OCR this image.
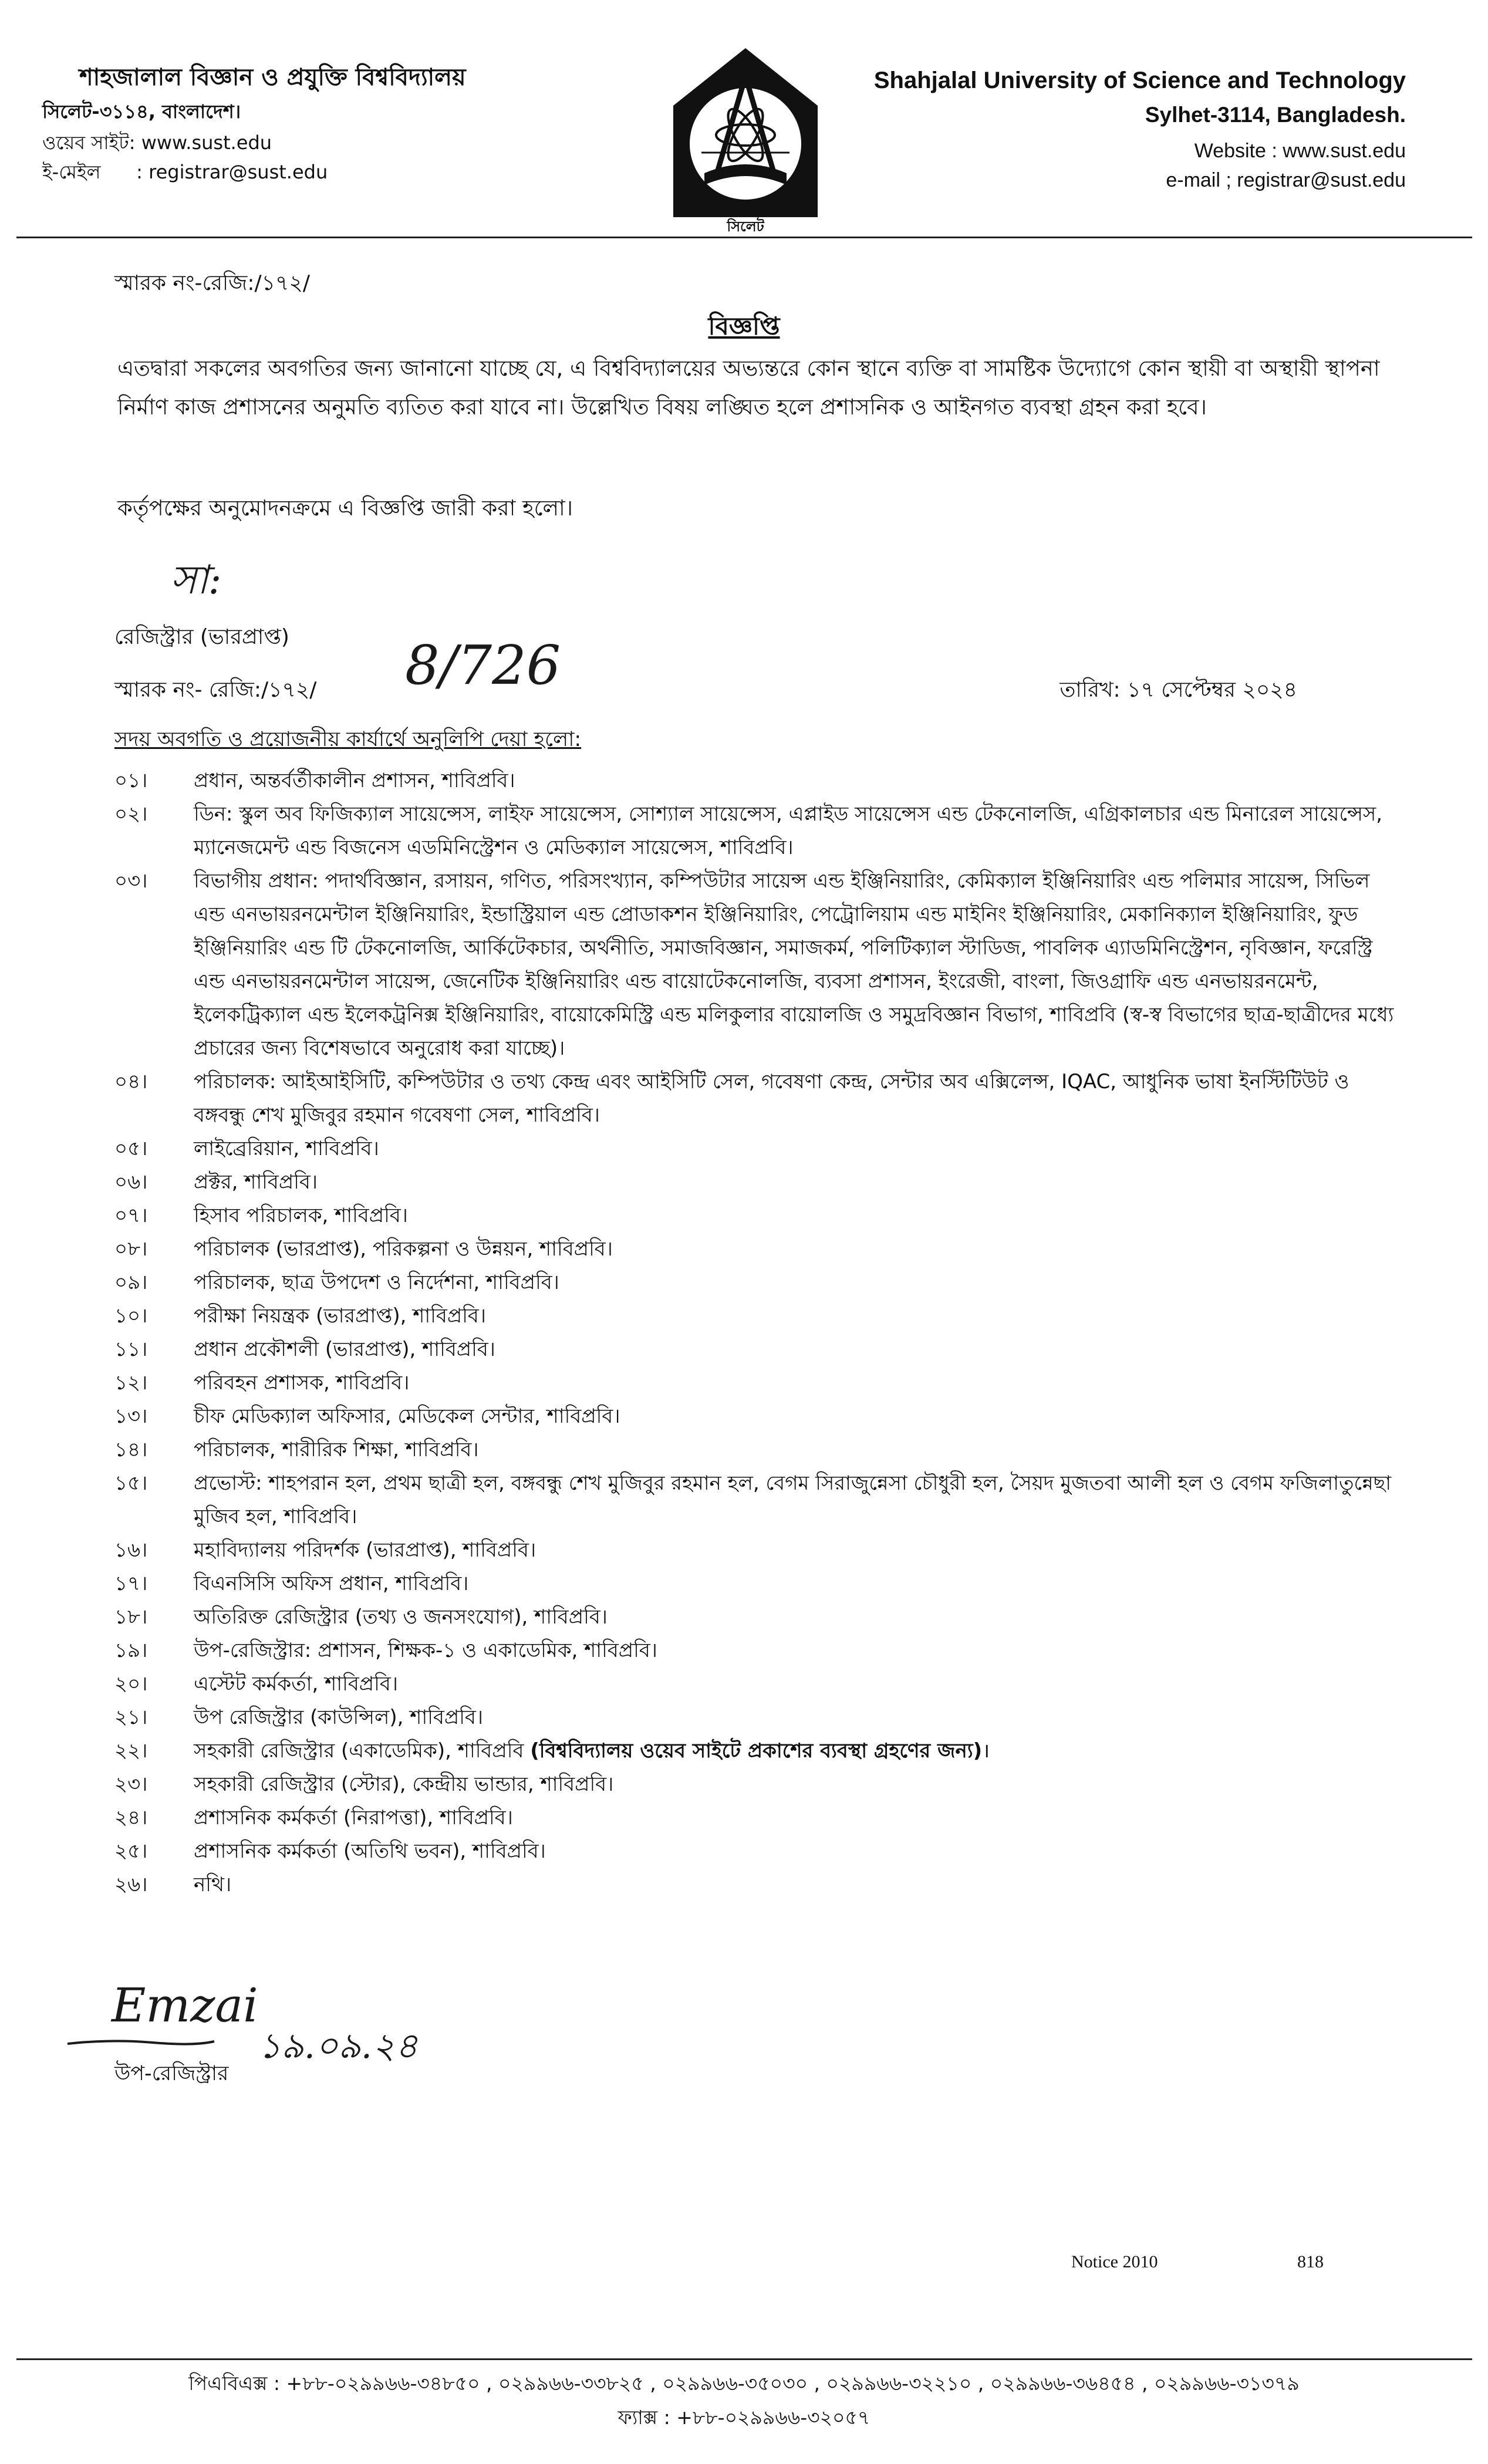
শাহজালাল বিজ্ঞান ও প্রযুক্তি বিশ্ববিদ্যালয়
সিলেট-৩১১৪, বাংলাদেশ।
ওয়েব সাইট: www.sust.edu
ই-মেইল : registrar@sust.edu
সিলেট
Shahjalal University of Science and Technology
Sylhet-3114, Bangladesh.
Website : www.sust.edu
e-mail ; registrar@sust.edu
স্মারক নং-রেজি:/১৭২/
বিজ্ঞপ্তি
এতদ্বারা সকলের অবগতির জন্য জানানো যাচ্ছে যে, এ বিশ্ববিদ্যালয়ের অভ্যন্তরে কোন স্থানে ব্যক্তি বা সামষ্টিক উদ্যোগে কোন স্থায়ী বা অস্থায়ী স্থাপনা নির্মাণ কাজ প্রশাসনের অনুমতি ব্যতিত করা যাবে না। উল্লেখিত বিষয় লঙ্ঘিত হলে প্রশাসনিক ও আইনগত ব্যবস্থা গ্রহন করা হবে।
কর্তৃপক্ষের অনুমোদনক্রমে এ বিজ্ঞপ্তি জারী করা হলো।
সা:
রেজিস্ট্রার (ভারপ্রাপ্ত)
স্মারক নং- রেজি:/১৭২/ 8/726	তারিখ: ১৭ সেপ্টেম্বর ২০২৪
সদয় অবগতি ও প্রয়োজনীয় কার্যার্থে অনুলিপি দেয়া হলো:
০১।	প্রধান, অন্তর্বর্তীকালীন প্রশাসন, শাবিপ্রবি।
০২।	ডিন: স্কুল অব ফিজিক্যাল সায়েন্সেস, লাইফ সায়েন্সেস, সোশ্যাল সায়েন্সেস, এপ্লাইড সায়েন্সেস এন্ড টেকনোলজি, এগ্রিকালচার এন্ড মিনারেল সায়েন্সেস, ম্যানেজমেন্ট এন্ড বিজনেস এডমিনিস্ট্রেশন ও মেডিক্যাল সায়েন্সেস, শাবিপ্রবি।
০৩।	বিভাগীয় প্রধান: পদার্থবিজ্ঞান, রসায়ন, গণিত, পরিসংখ্যান, কম্পিউটার সায়েন্স এন্ড ইঞ্জিনিয়ারিং, কেমিক্যাল ইঞ্জিনিয়ারিং এন্ড পলিমার সায়েন্স, সিভিল এন্ড এনভায়রনমেন্টাল ইঞ্জিনিয়ারিং, ইন্ডাস্ট্রিয়াল এন্ড প্রোডাকশন ইঞ্জিনিয়ারিং, পেট্রোলিয়াম এন্ড মাইনিং ইঞ্জিনিয়ারিং, মেকানিক্যাল ইঞ্জিনিয়ারিং, ফুড ইঞ্জিনিয়ারিং এন্ড টি টেকনোলজি, আর্কিটেকচার, অর্থনীতি, সমাজবিজ্ঞান, সমাজকর্ম, পলিটিক্যাল স্টাডিজ, পাবলিক এ্যাডমিনিস্ট্রেশন, নৃবিজ্ঞান, ফরেস্ট্রি এন্ড এনভায়রনমেন্টাল সায়েন্স, জেনেটিক ইঞ্জিনিয়ারিং এন্ড বায়োটেকনোলজি, ব্যবসা প্রশাসন, ইংরেজী, বাংলা, জিওগ্রাফি এন্ড এনভায়রনমেন্ট, ইলেকট্রিক্যাল এন্ড ইলেকট্রনিক্স ইঞ্জিনিয়ারিং, বায়োকেমিস্ট্রি এন্ড মলিকুলার বায়োলজি ও সমুদ্রবিজ্ঞান বিভাগ, শাবিপ্রবি (স্ব-স্ব বিভাগের ছাত্র-ছাত্রীদের মধ্যে প্রচারের জন্য বিশেষভাবে অনুরোধ করা যাচ্ছে)।
০৪।	পরিচালক: আইআইসিটি, কম্পিউটার ও তথ্য কেন্দ্র এবং আইসিটি সেল, গবেষণা কেন্দ্র, সেন্টার অব এক্সিলেন্স, IQAC, আধুনিক ভাষা ইনস্টিটিউট ও বঙ্গবন্ধু শেখ মুজিবুর রহমান গবেষণা সেল, শাবিপ্রবি।
০৫।	লাইব্রেরিয়ান, শাবিপ্রবি।
০৬।	প্রক্টর, শাবিপ্রবি।
০৭।	হিসাব পরিচালক, শাবিপ্রবি।
০৮।	পরিচালক (ভারপ্রাপ্ত), পরিকল্পনা ও উন্নয়ন, শাবিপ্রবি।
০৯।	পরিচালক, ছাত্র উপদেশ ও নির্দেশনা, শাবিপ্রবি।
১০।	পরীক্ষা নিয়ন্ত্রক (ভারপ্রাপ্ত), শাবিপ্রবি।
১১।	প্রধান প্রকৌশলী (ভারপ্রাপ্ত), শাবিপ্রবি।
১২।	পরিবহন প্রশাসক, শাবিপ্রবি।
১৩।	চীফ মেডিক্যাল অফিসার, মেডিকেল সেন্টার, শাবিপ্রবি।
১৪।	পরিচালক, শারীরিক শিক্ষা, শাবিপ্রবি।
১৫।	প্রভোস্ট: শাহপরান হল, প্রথম ছাত্রী হল, বঙ্গবন্ধু শেখ মুজিবুর রহমান হল, বেগম সিরাজুন্নেসা চৌধুরী হল, সৈয়দ মুজতবা আলী হল ও বেগম ফজিলাতুন্নেছা মুজিব হল, শাবিপ্রবি।
১৬।	মহাবিদ্যালয় পরিদর্শক (ভারপ্রাপ্ত), শাবিপ্রবি।
১৭।	বিএনসিসি অফিস প্রধান, শাবিপ্রবি।
১৮।	অতিরিক্ত রেজিস্ট্রার (তথ্য ও জনসংযোগ), শাবিপ্রবি।
১৯।	উপ-রেজিস্ট্রার: প্রশাসন, শিক্ষক-১ ও একাডেমিক, শাবিপ্রবি।
২০।	এস্টেট কর্মকর্তা, শাবিপ্রবি।
২১।	উপ রেজিস্ট্রার (কাউন্সিল), শাবিপ্রবি।
২২।	সহকারী রেজিস্ট্রার (একাডেমিক), শাবিপ্রবি (বিশ্ববিদ্যালয় ওয়েব সাইটে প্রকাশের ব্যবস্থা গ্রহণের জন্য)।
২৩।	সহকারী রেজিস্ট্রার (স্টোর), কেন্দ্রীয় ভান্ডার, শাবিপ্রবি।
২৪।	প্রশাসনিক কর্মকর্তা (নিরাপত্তা), শাবিপ্রবি।
২৫।	প্রশাসনিক কর্মকর্তা (অতিথি ভবন), শাবিপ্রবি।
২৬।	নথি।
Emzai
১৯.০৯.২৪
উপ-রেজিস্ট্রার
Notice 2010	818
পিএবিএক্স : +৮৮-০২৯৯৬৬-৩৪৮৫০ , ০২৯৯৬৬-৩৩৮২৫ , ০২৯৯৬৬-৩৫০৩০ , ০২৯৯৬৬-৩২২১০ , ০২৯৯৬৬-৩৬৪৫৪ , ০২৯৯৬৬-৩১৩৭৯
ফ্যাক্স : +৮৮-০২৯৯৬৬-৩২০৫৭
